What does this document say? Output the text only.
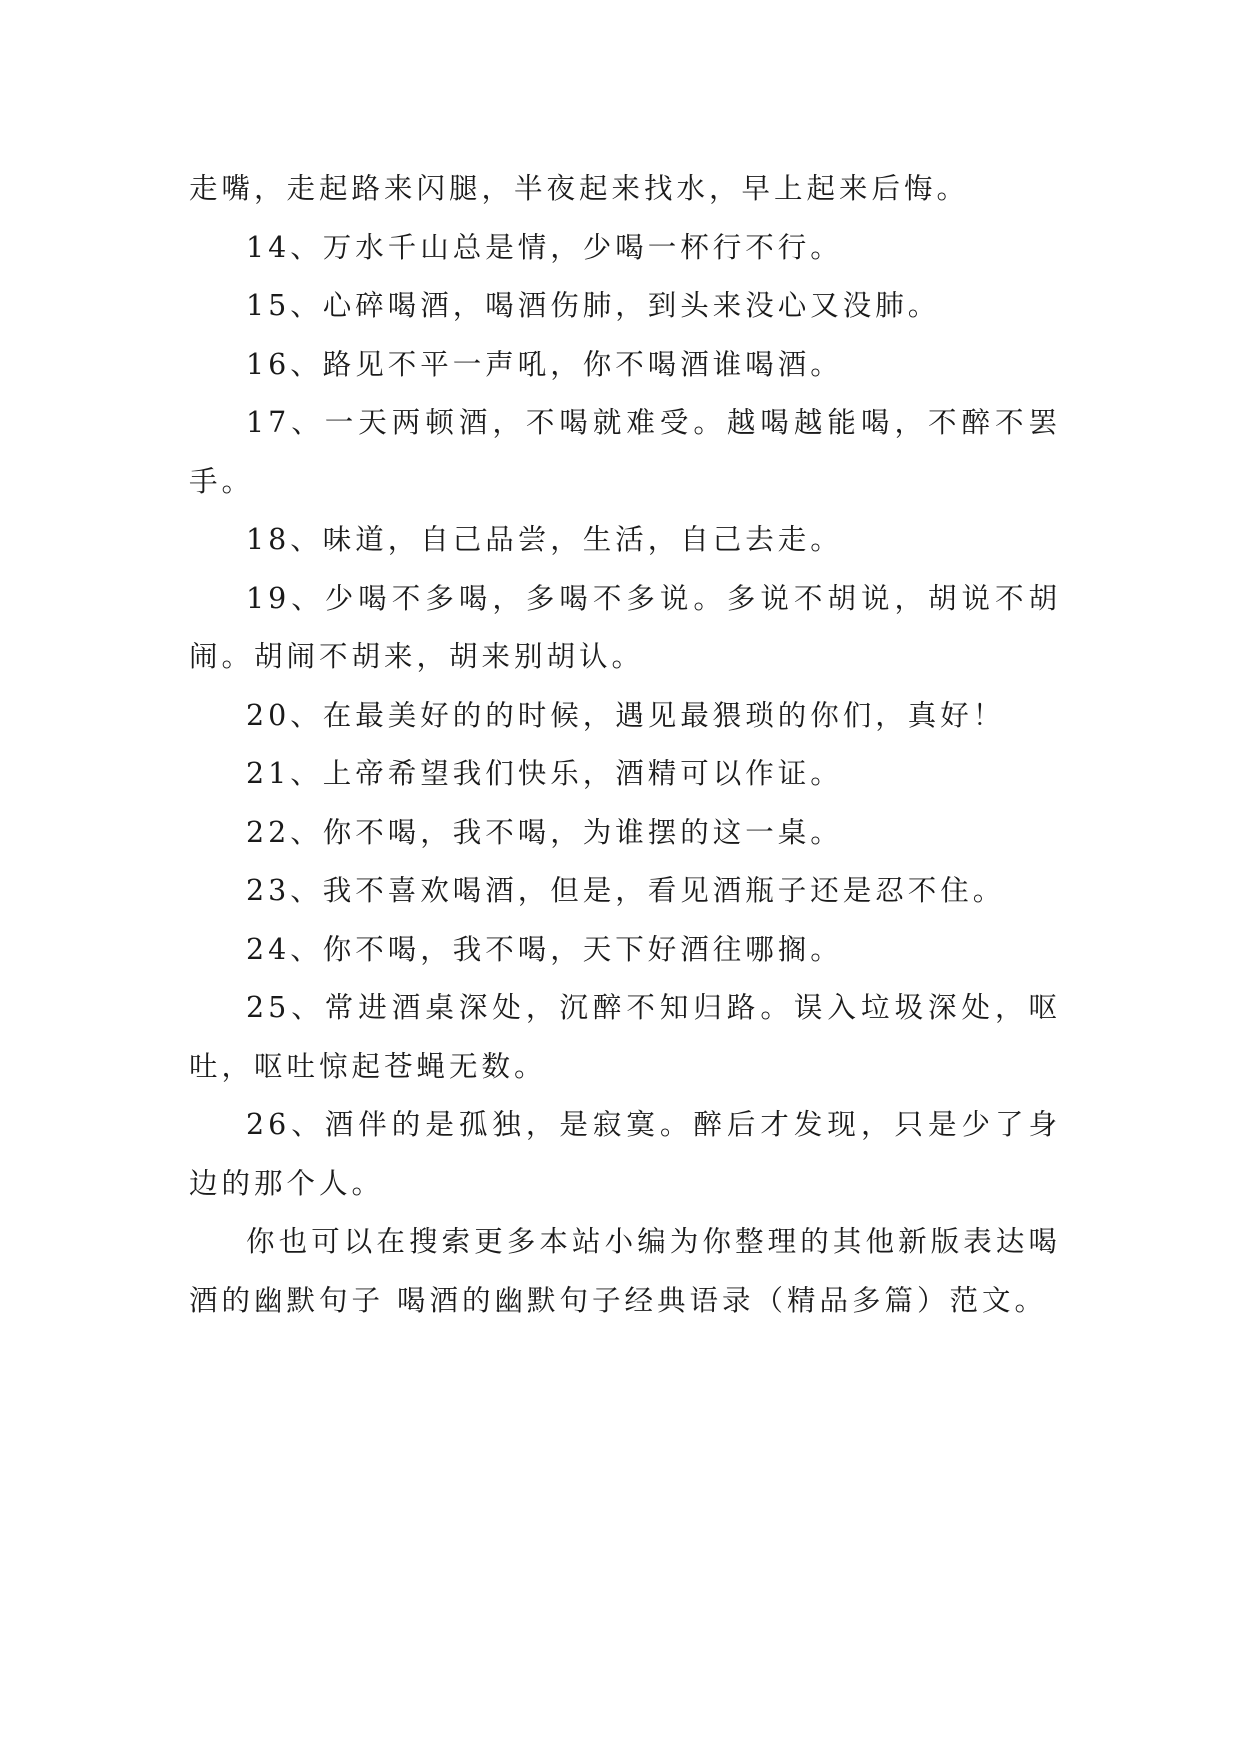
走嘴，走起路来闪腿，半夜起来找水，早上起来后悔。

14、万水千山总是情，少喝一杯行不行。

15、心碎喝酒，喝酒伤肺，到头来没心又没肺。

16、路见不平一声吼，你不喝酒谁喝酒。

17、一天两顿酒，不喝就难受。越喝越能喝，不醉不罢手。

18、味道，自己品尝，生活，自己去走。

19、少喝不多喝，多喝不多说。多说不胡说，胡说不胡闹。胡闹不胡来，胡来别胡认。

20、在最美好的的时候，遇见最猥琐的你们，真好！

21、上帝希望我们快乐，酒精可以作证。

22、你不喝，我不喝，为谁摆的这一桌。

23、我不喜欢喝酒，但是，看见酒瓶子还是忍不住。

24、你不喝，我不喝，天下好酒往哪搁。

25、常进酒桌深处，沉醉不知归路。误入垃圾深处，呕吐，呕吐惊起苍蝇无数。

26、酒伴的是孤独，是寂寞。醉后才发现，只是少了身边的那个人。

你也可以在搜索更多本站小编为你整理的其他新版表达喝酒的幽默句子 喝酒的幽默句子经典语录（精品多篇）范文。
